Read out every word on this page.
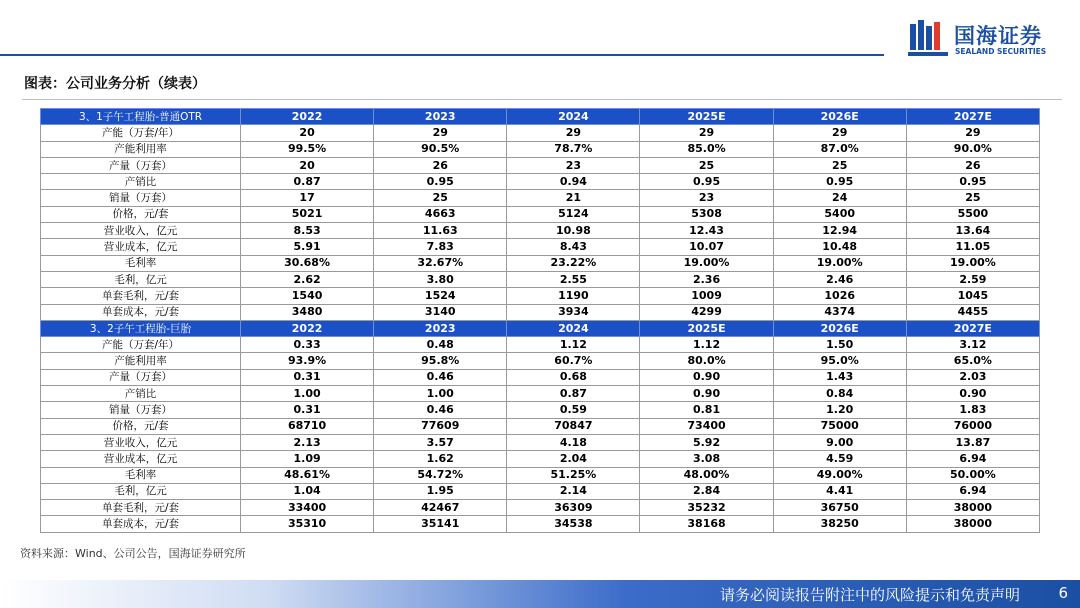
国海证券
SEALAND SECURITIES
图表：公司业务分析（续表）
3、1子午工程胎-普通OTR	2022	2023	2024	2025E	2026E	2027E
产能（万套/年）	20	29	29	29	29	29
产能利用率	99.5%	90.5%	78.7%	85.0%	87.0%	90.0%
产量（万套）	20	26	23	25	25	26
产销比	0.87	0.95	0.94	0.95	0.95	0.95
销量（万套）	17	25	21	23	24	25
价格，元/套	5021	4663	5124	5308	5400	5500
营业收入，亿元	8.53	11.63	10.98	12.43	12.94	13.64
营业成本，亿元	5.91	7.83	8.43	10.07	10.48	11.05
毛利率	30.68%	32.67%	23.22%	19.00%	19.00%	19.00%
毛利，亿元	2.62	3.80	2.55	2.36	2.46	2.59
单套毛利，元/套	1540	1524	1190	1009	1026	1045
单套成本，元/套	3480	3140	3934	4299	4374	4455
3、2子午工程胎-巨胎	2022	2023	2024	2025E	2026E	2027E
产能（万套/年）	0.33	0.48	1.12	1.12	1.50	3.12
产能利用率	93.9%	95.8%	60.7%	80.0%	95.0%	65.0%
产量（万套）	0.31	0.46	0.68	0.90	1.43	2.03
产销比	1.00	1.00	0.87	0.90	0.84	0.90
销量（万套）	0.31	0.46	0.59	0.81	1.20	1.83
价格，元/套	68710	77609	70847	73400	75000	76000
营业收入，亿元	2.13	3.57	4.18	5.92	9.00	13.87
营业成本，亿元	1.09	1.62	2.04	3.08	4.59	6.94
毛利率	48.61%	54.72%	51.25%	48.00%	49.00%	50.00%
毛利，亿元	1.04	1.95	2.14	2.84	4.41	6.94
单套毛利，元/套	33400	42467	36309	35232	36750	38000
单套成本，元/套	35310	35141	34538	38168	38250	38000
资料来源：Wind、公司公告，国海证券研究所
请务必阅读报告附注中的风险提示和免责声明	6
